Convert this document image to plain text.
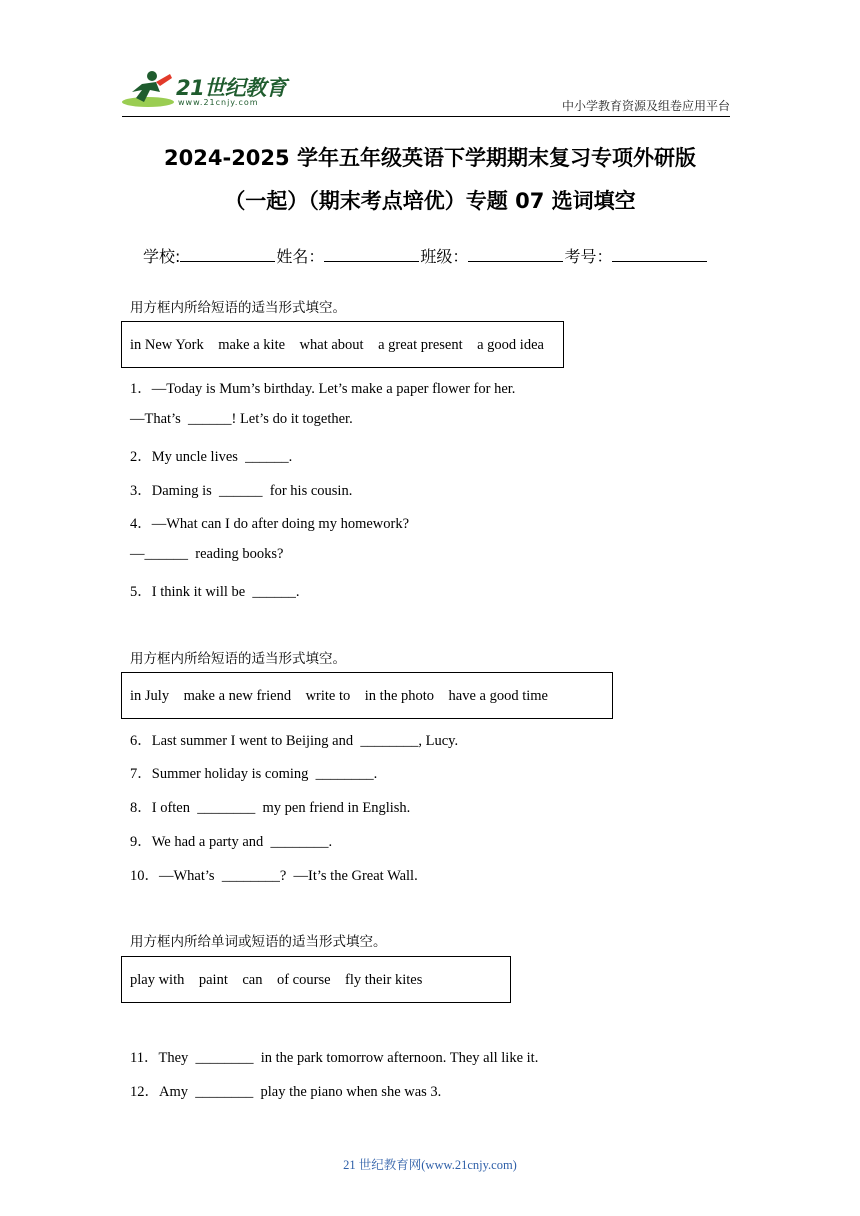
21世纪教育
www.21cnjy.com	中小学教育资源及组卷应用平台
2024-2025 学年五年级英语下学期期末复习专项外研版
（一起）（期末考点培优）专题 07 选词填空
学校:	姓名：	班级：	考号：
用方框内所给短语的适当形式填空。
in New York    make a kite    what about    a great present    a good idea
1．—Today is Mum’s birthday. Let’s make a paper flower for her.
—That’s  ______! Let’s do it together.
2．My uncle lives  ______.
3．Daming is  ______  for his cousin.
4．—What can I do after doing my homework?
—______  reading books?
5．I think it will be  ______.
用方框内所给短语的适当形式填空。
in July    make a new friend    write to    in the photo    have a good time
6．Last summer I went to Beijing and  ________, Lucy.
7．Summer holiday is coming  ________.
8．I often  ________  my pen friend in English.
9．We had a party and  ________.
10．—What’s  ________?  —It’s the Great Wall.
用方框内所给单词或短语的适当形式填空。
play with    paint    can    of course    fly their kites
11．They  ________  in the park tomorrow afternoon. They all like it.
12．Amy  ________  play the piano when she was 3.
21 世纪教育网(www.21cnjy.com)
